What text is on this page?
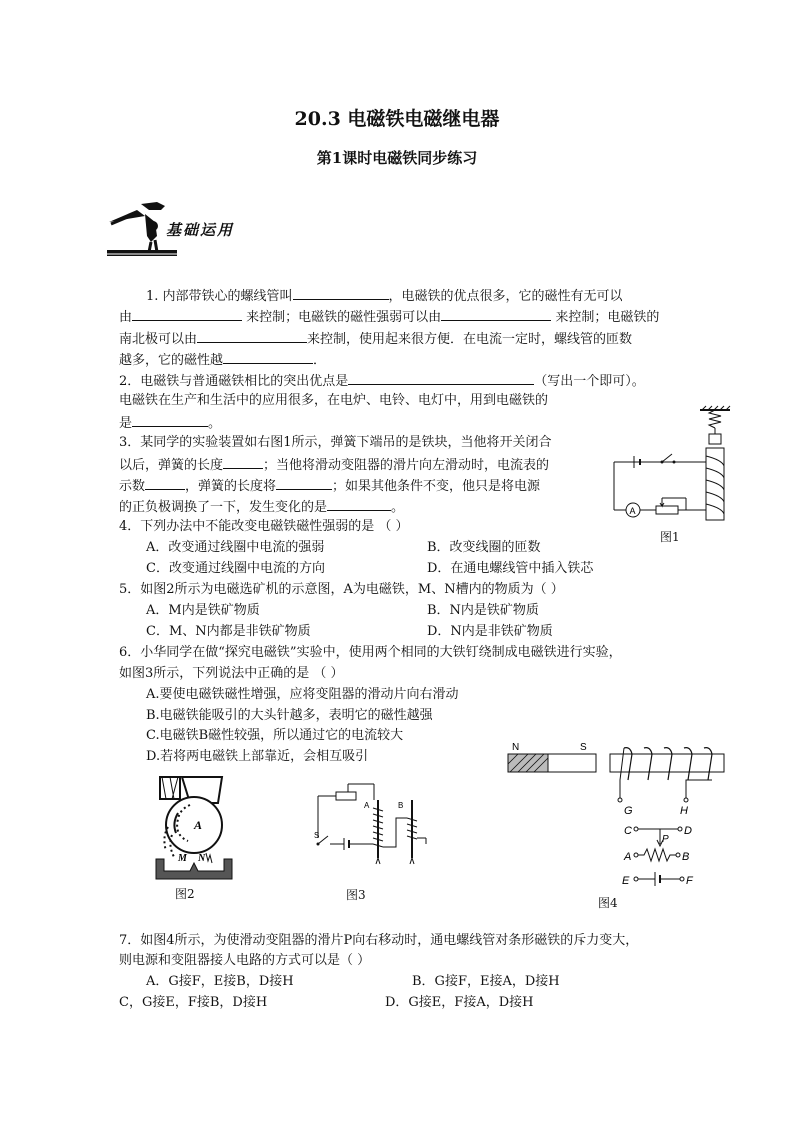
20.3 电磁铁电磁继电器
第1课时电磁铁同步练习
基础运用
1. 内部带铁心的螺线管叫	，电磁铁的优点很多，它的磁性有无可以
由	来控制；电磁铁的磁性强弱可以由	来控制；电磁铁的
南北极可以由	来控制，使用起来很方便．在电流一定时，螺线管的匝数
越多，它的磁性越	．
2．电磁铁与普通磁铁相比的突出优点是	（写出一个即可）。
电磁铁在生产和生活中的应用很多，在电炉、电铃、电灯中，用到电磁铁的
是	。
3．某同学的实验装置如右图1所示，弹簧下端吊的是铁块，当他将开关闭合
以后，弹簧的长度	；当他将滑动变阻器的滑片向左滑动时，电流表的
示数	，弹簧的长度将	；如果其他条件不变，他只是将电源
的正负极调换了一下，发生变化的是	。	A
图1
4．下列办法中不能改变电磁铁磁性强弱的是 （ ）
A．改变通过线圈中电流的强弱	B．改变线圈的匝数
C．改变通过线圈中电流的方向	D．在通电螺线管中插入铁芯
5．如图2所示为电磁选矿机的示意图，A为电磁铁，M、N槽内的物质为（ ）
A．M内是铁矿物质	B．N内是铁矿物质
C．M、N内都是非铁矿物质	D．N内是非铁矿物质
6．小华同学在做“探究电磁铁”实验中，使用两个相同的大铁钉绕制成电磁铁进行实验，
如图3所示，下列说法中正确的是 （ ）
A.要使电磁铁磁性增强，应将变阻器的滑动片向右滑动
B.电磁铁能吸引的大头针越多，表明它的磁性越强
C.电磁铁B磁性较强，所以通过它的电流较大
D.若将两电磁铁上部靠近，会相互吸引
A
M N
图2
A	B
S
图3
N	S
G	H
C	D
P
A	B
E	F
图4
7．如图4所示，为使滑动变阻器的滑片P向右移动时，通电螺线管对条形磁铁的斥力变大，
则电源和变阻器接人电路的方式可以是（ ）
A．G接F，E接B，D接H	B．G接F，E接A，D接H
C，G接E，F接B，D接H	D．G接E，F接A，D接H
